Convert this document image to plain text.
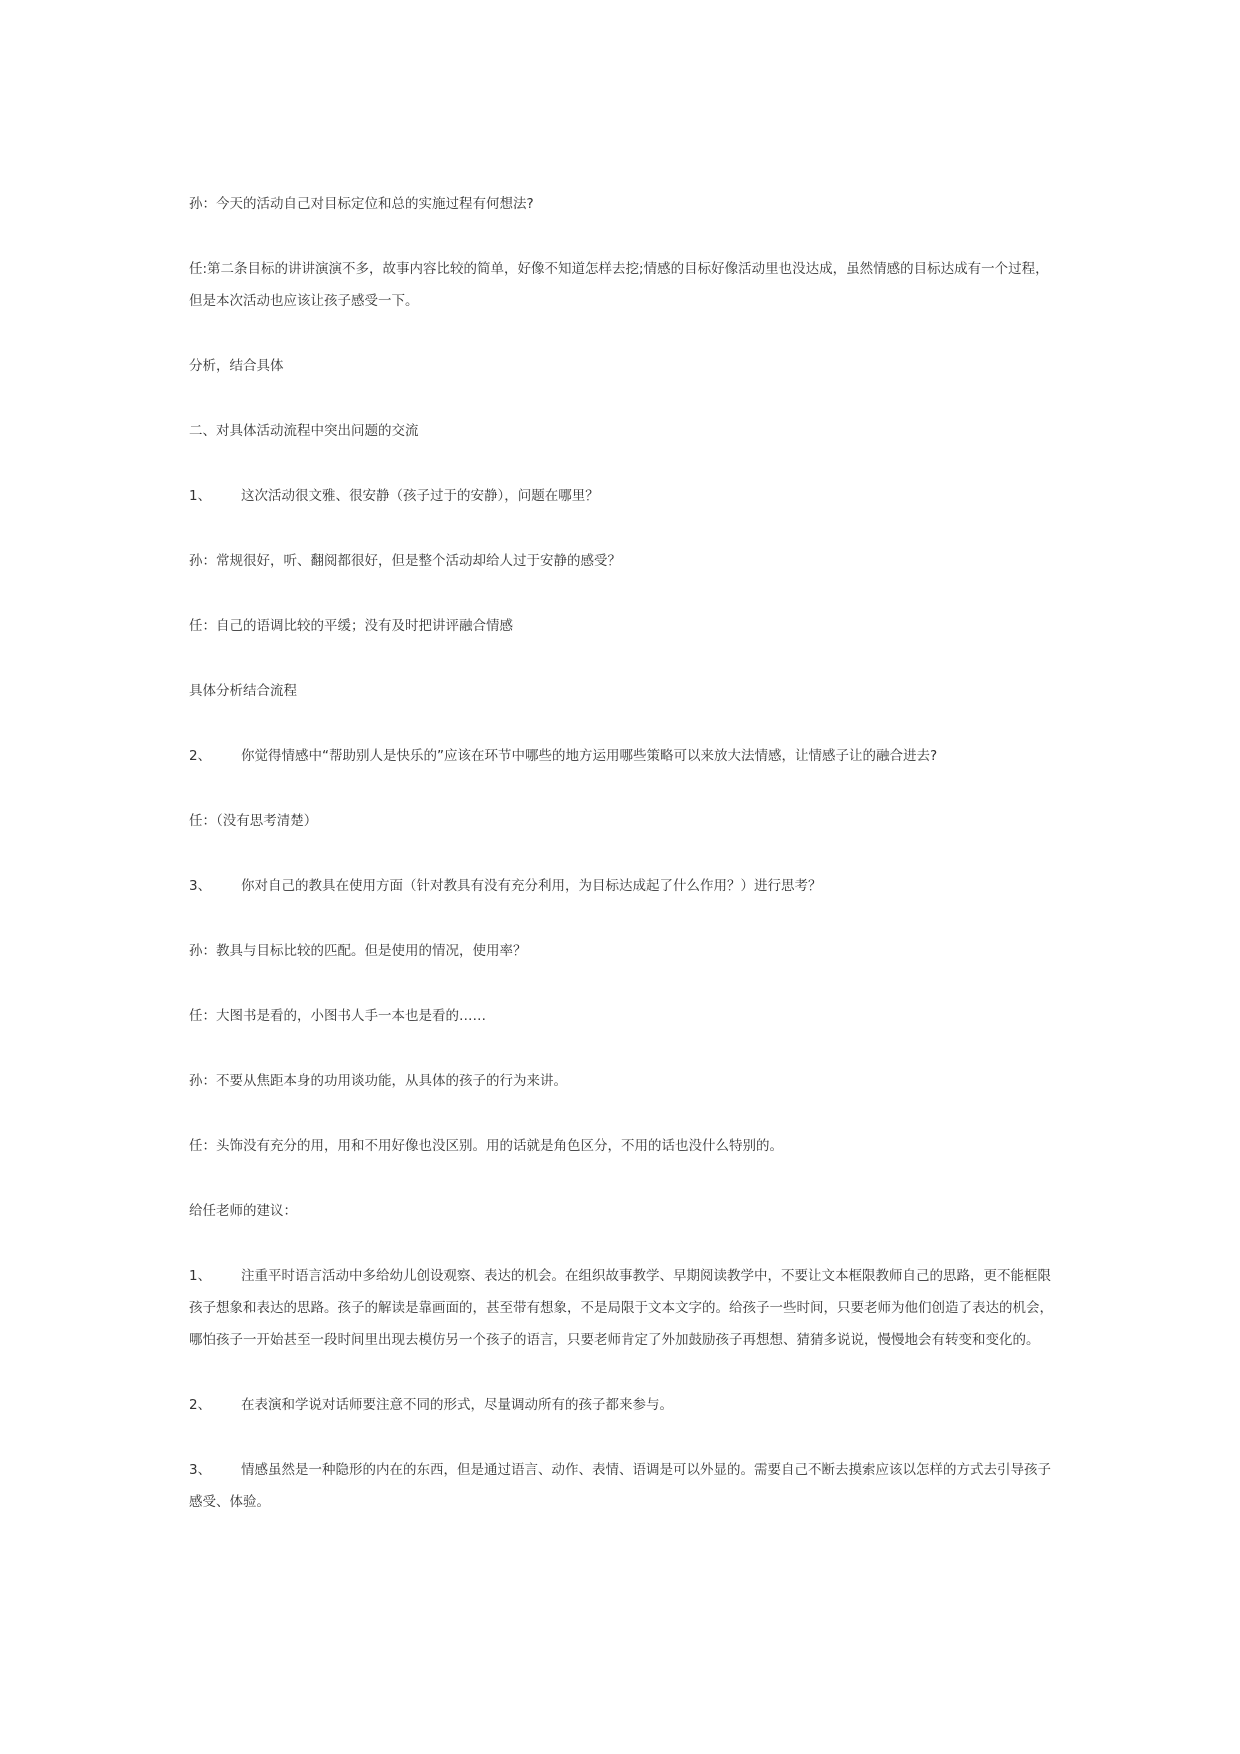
孙：今天的活动自己对目标定位和总的实施过程有何想法?

任:第二条目标的讲讲演演不多，故事内容比较的简单，好像不知道怎样去挖;情感的目标好像活动里也没达成，虽然情感的目标达成有一个过程，但是本次活动也应该让孩子感受一下。

分析，结合具体

二、对具体活动流程中突出问题的交流

1、 这次活动很文雅、很安静（孩子过于的安静），问题在哪里？

孙：常规很好，听、翻阅都很好，但是整个活动却给人过于安静的感受？

任：自己的语调比较的平缓；没有及时把讲评融合情感

具体分析结合流程

2、 你觉得情感中“帮助别人是快乐的”应该在环节中哪些的地方运用哪些策略可以来放大法情感，让情感子让的融合进去?

任：（没有思考清楚）

3、 你对自己的教具在使用方面（针对教具有没有充分利用，为目标达成起了什么作用？）进行思考？

孙：教具与目标比较的匹配。但是使用的情况，使用率？

任：大图书是看的，小图书人手一本也是看的……

孙：不要从焦距本身的功用谈功能，从具体的孩子的行为来讲。

任：头饰没有充分的用，用和不用好像也没区别。用的话就是角色区分，不用的话也没什么特别的。

给任老师的建议：

1、 注重平时语言活动中多给幼儿创设观察、表达的机会。在组织故事教学、早期阅读教学中，不要让文本框限教师自己的思路，更不能框限孩子想象和表达的思路。孩子的解读是靠画面的，甚至带有想象，不是局限于文本文字的。给孩子一些时间，只要老师为他们创造了表达的机会，哪怕孩子一开始甚至一段时间里出现去模仿另一个孩子的语言，只要老师肯定了外加鼓励孩子再想想、猜猜多说说，慢慢地会有转变和变化的。

2、 在表演和学说对话师要注意不同的形式，尽量调动所有的孩子都来参与。

3、 情感虽然是一种隐形的内在的东西，但是通过语言、动作、表情、语调是可以外显的。需要自己不断去摸索应该以怎样的方式去引导孩子感受、体验。
